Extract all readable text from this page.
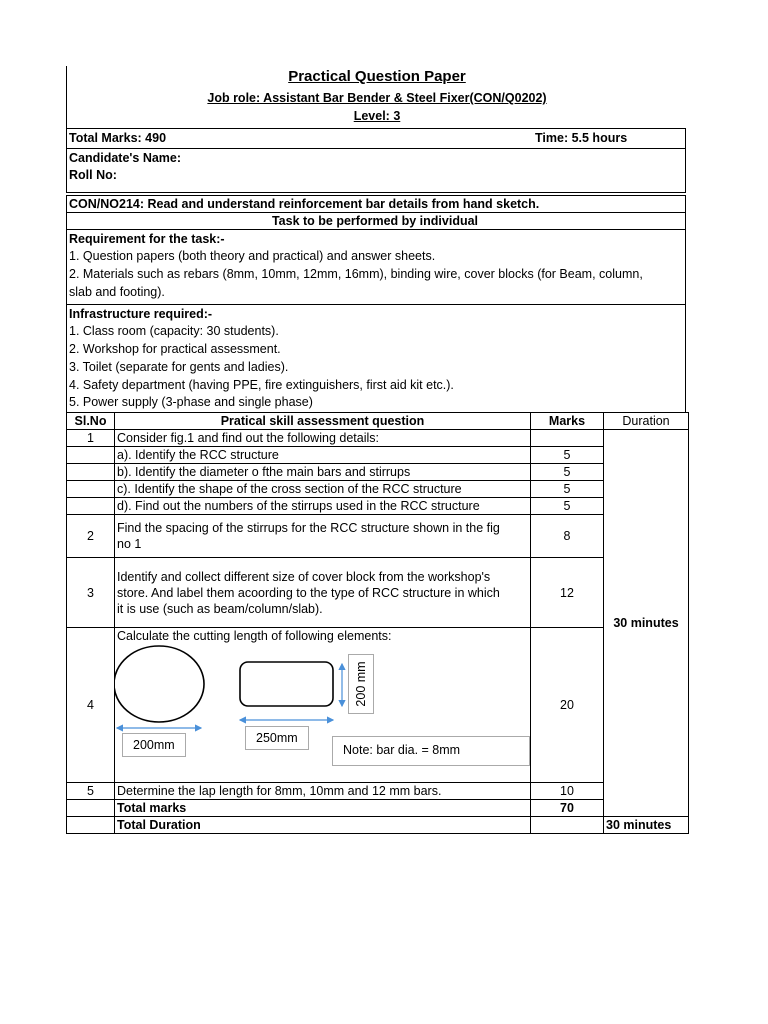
Practical Question Paper
Job role: Assistant Bar Bender & Steel Fixer(CON/Q0202)
Level: 3
Total Marks: 490	Time: 5.5 hours
Candidate's Name:
Roll No:
CON/NO214: Read and understand reinforcement bar details from hand sketch.
Task to be performed by individual
Requirement for the task:-
1. Question papers (both theory and practical) and answer sheets.
2. Materials such as rebars (8mm, 10mm, 12mm, 16mm), binding wire, cover blocks (for Beam, column,
slab and footing).
Infrastructure required:-
1. Class room (capacity: 30 students).
2. Workshop for practical assessment.
3. Toilet (separate for gents and ladies).
4. Safety department (having PPE, fire extinguishers, first aid kit etc.).
5. Power supply (3-phase and single phase)
Sl.No	Pratical skill assessment question	Marks	Duration
1	Consider fig.1 and find out the following details:		30 minutes
	a). Identify the RCC structure	5	
	b). Identify the diameter o fthe main bars and stirrups	5	
	c). Identify the shape of the cross section of the RCC structure	5	
	d). Find out the numbers of the stirrups used in the RCC structure	5	
2	Find the spacing of the stirrups for the RCC structure shown in the fig
no 1	8	
3	Identify and collect different size of cover block from the workshop's
store. And label them acoording to the type of RCC structure in which
it is use (such as beam/column/slab).	12	
4	Calculate the cutting length of following elements:
200mm 250mm
200 mm
Note: bar dia. = 8mm	20	
5	Determine the lap length for 8mm, 10mm and 12 mm bars.	10	
	Total marks	70	
	Total Duration		30 minutes
